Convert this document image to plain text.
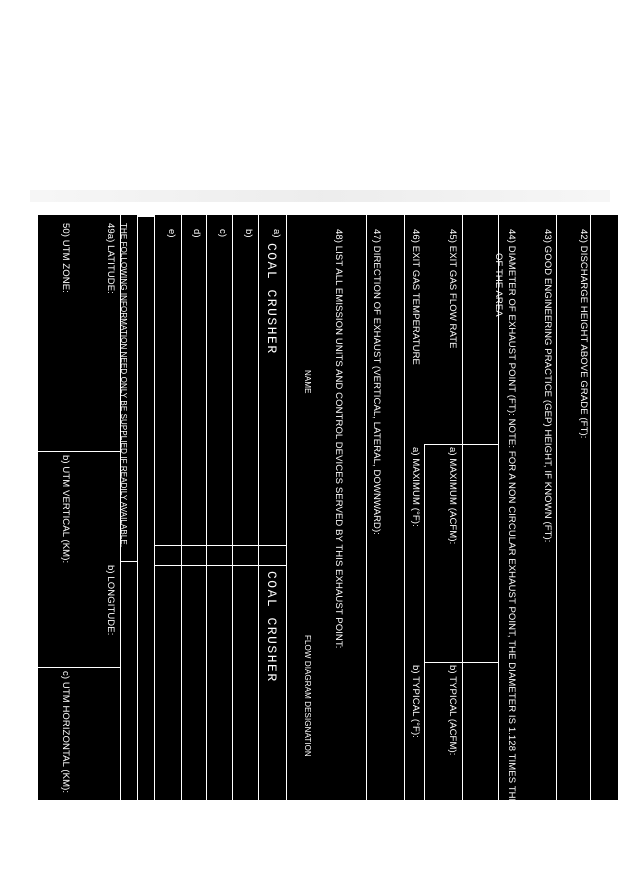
42) DISCHARGE HEIGHT ABOVE GRADE (FT):
43) GOOD ENGINEERING PRACTICE (GEP) HEIGHT, IF KNOWN (FT):
44) DIAMETER OF EXHAUST POINT (FT): NOTE: FOR A NON CIRCULAR EXHAUST POINT, THE DIAMETER IS 1.128 TIMES THE SQUARE ROOT
OF THE AREA
45) EXIT GAS FLOW RATE
a) MAXIMUM (ACFM):
b) TYPICAL (ACFM):
46) EXIT GAS TEMPERATURE
a) MAXIMUM (°F):
b) TYPICAL (°F):
47) DIRECTION OF EXHAUST (VERTICAL, LATERAL, DOWNWARD):
48) LIST ALL EMISSION UNITS AND CONTROL DEVICES SERVED BY THIS EXHAUST POINT:
NAME
FLOW DIAGRAM DESIGNATION
a)
COAL CRUSHER
COAL CRUSHER
b)
c)
d)
e)
THE FOLLOWING INFORMATION NEED ONLY BE SUPPLIED IF READILY AVAILABLE.
49a) LATITUDE:
b) LONGITUDE:
50) UTM ZONE:
b) UTM VERTICAL (KM):
c) UTM HORIZONTAL (KM):
